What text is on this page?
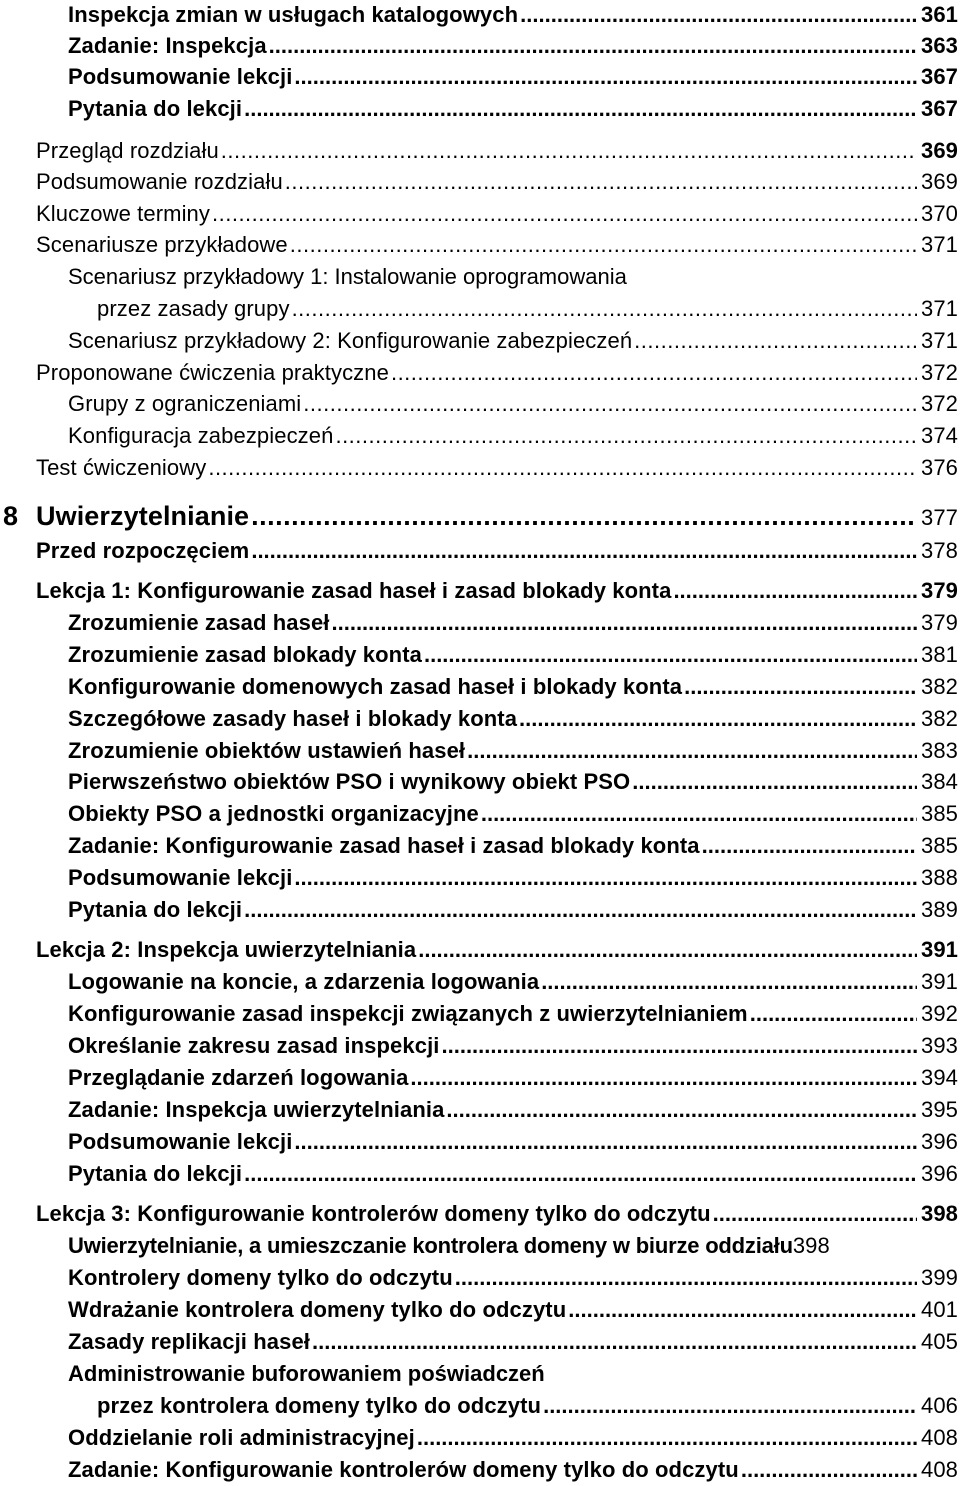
Inspekcja zmian w usługach katalogowych .....	361
Zadanie: Inspekcja .....	363
Podsumowanie lekcji .....	367
Pytania do lekcji .....	367
Przegląd rozdziału .....	369
Podsumowanie rozdziału .....	369
Kluczowe terminy .....	370
Scenariusze przykładowe .....	371
Scenariusz przykładowy 1: Instalowanie oprogramowania
przez zasady grupy .....	371
Scenariusz przykładowy 2: Konfigurowanie zabezpieczeń .....	371
Proponowane ćwiczenia praktyczne .....	372
Grupy z ograniczeniami .....	372
Konfiguracja zabezpieczeń .....	374
Test ćwiczeniowy .....	376
8 Uwierzytelnianie .....	377
Przed rozpoczęciem .....	378
Lekcja 1: Konfigurowanie zasad haseł i zasad blokady konta .....	379
Zrozumienie zasad haseł .....	379
Zrozumienie zasad blokady konta .....	381
Konfigurowanie domenowych zasad haseł i blokady konta .....	382
Szczegółowe zasady haseł i blokady konta .....	382
Zrozumienie obiektów ustawień haseł .....	383
Pierwszeństwo obiektów PSO i wynikowy obiekt PSO .....	384
Obiekty PSO a jednostki organizacyjne .....	385
Zadanie: Konfigurowanie zasad haseł i zasad blokady konta .....	385
Podsumowanie lekcji .....	388
Pytania do lekcji .....	389
Lekcja 2: Inspekcja uwierzytelniania .....	391
Logowanie na koncie, a zdarzenia logowania .....	391
Konfigurowanie zasad inspekcji związanych z uwierzytelnianiem .....	392
Określanie zakresu zasad inspekcji .....	393
Przeglądanie zdarzeń logowania .....	394
Zadanie: Inspekcja uwierzytelniania .....	395
Podsumowanie lekcji .....	396
Pytania do lekcji .....	396
Lekcja 3: Konfigurowanie kontrolerów domeny tylko do odczytu .....	398
Uwierzytelnianie, a umieszczanie kontrolera domeny w biurze oddziału 398
Kontrolery domeny tylko do odczytu .....	399
Wdrażanie kontrolera domeny tylko do odczytu .....	401
Zasady replikacji haseł .....	405
Administrowanie buforowaniem poświadczeń
przez kontrolera domeny tylko do odczytu .....	406
Oddzielanie roli administracyjnej .....	408
Zadanie: Konfigurowanie kontrolerów domeny tylko do odczytu .....	408
